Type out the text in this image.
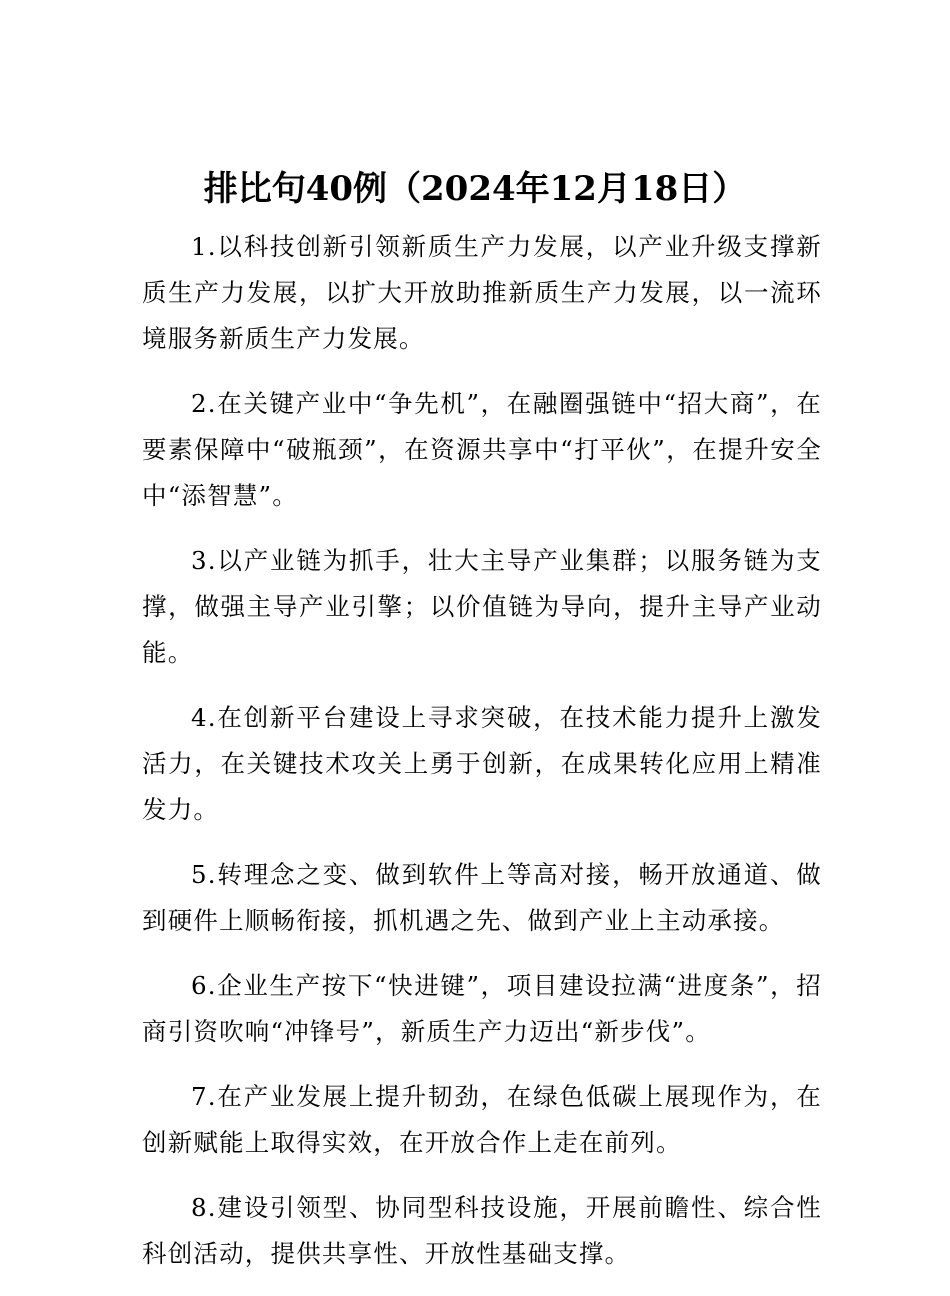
排比句40例（2024年12月18日）

1.以科技创新引领新质生产力发展，以产业升级支撑新质生产力发展，以扩大开放助推新质生产力发展，以一流环境服务新质生产力发展。

2.在关键产业中“争先机”，在融圈强链中“招大商”，在要素保障中“破瓶颈”，在资源共享中“打平伙”，在提升安全中“添智慧”。

3.以产业链为抓手，壮大主导产业集群；以服务链为支撑，做强主导产业引擎；以价值链为导向，提升主导产业动能。

4.在创新平台建设上寻求突破，在技术能力提升上激发活力，在关键技术攻关上勇于创新，在成果转化应用上精准发力。

5.转理念之变、做到软件上等高对接，畅开放通道、做到硬件上顺畅衔接，抓机遇之先、做到产业上主动承接。

6.企业生产按下“快进键”，项目建设拉满“进度条”，招商引资吹响“冲锋号”，新质生产力迈出“新步伐”。

7.在产业发展上提升韧劲，在绿色低碳上展现作为，在创新赋能上取得实效，在开放合作上走在前列。

8.建设引领型、协同型科技设施，开展前瞻性、综合性科创活动，提供共享性、开放性基础支撑。
